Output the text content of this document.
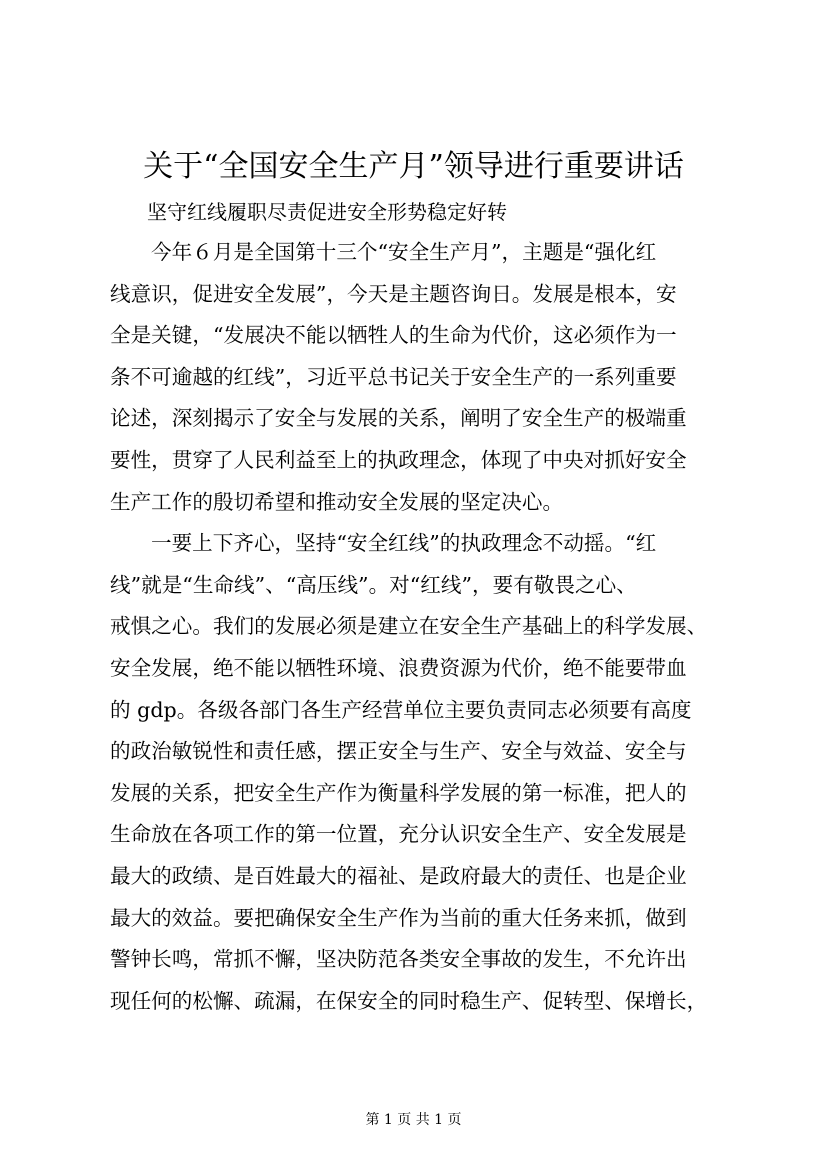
关于“全国安全生产月”领导进行重要讲话
坚守红线履职尽责促进安全形势稳定好转
今年６月是全国第十三个“安全生产月”，主题是“强化红
线意识，促进安全发展”，今天是主题咨询日。发展是根本，安
全是关键，“发展决不能以牺牲人的生命为代价，这必须作为一
条不可逾越的红线”，习近平总书记关于安全生产的一系列重要
论述，深刻揭示了安全与发展的关系，阐明了安全生产的极端重
要性，贯穿了人民利益至上的执政理念，体现了中央对抓好安全
生产工作的殷切希望和推动安全发展的坚定决心。
一要上下齐心，坚持“安全红线”的执政理念不动摇。“红
线”就是“生命线”、“高压线”。对“红线”，要有敬畏之心、
戒惧之心。我们的发展必须是建立在安全生产基础上的科学发展、
安全发展，绝不能以牺牲环境、浪费资源为代价，绝不能要带血
的 gdp。各级各部门各生产经营单位主要负责同志必须要有高度
的政治敏锐性和责任感，摆正安全与生产、安全与效益、安全与
发展的关系，把安全生产作为衡量科学发展的第一标准，把人的
生命放在各项工作的第一位置，充分认识安全生产、安全发展是
最大的政绩、是百姓最大的福祉、是政府最大的责任、也是企业
最大的效益。要把确保安全生产作为当前的重大任务来抓，做到
警钟长鸣，常抓不懈，坚决防范各类安全事故的发生，不允许出
现任何的松懈、疏漏，在保安全的同时稳生产、促转型、保增长，
第 1 页 共 1 页
